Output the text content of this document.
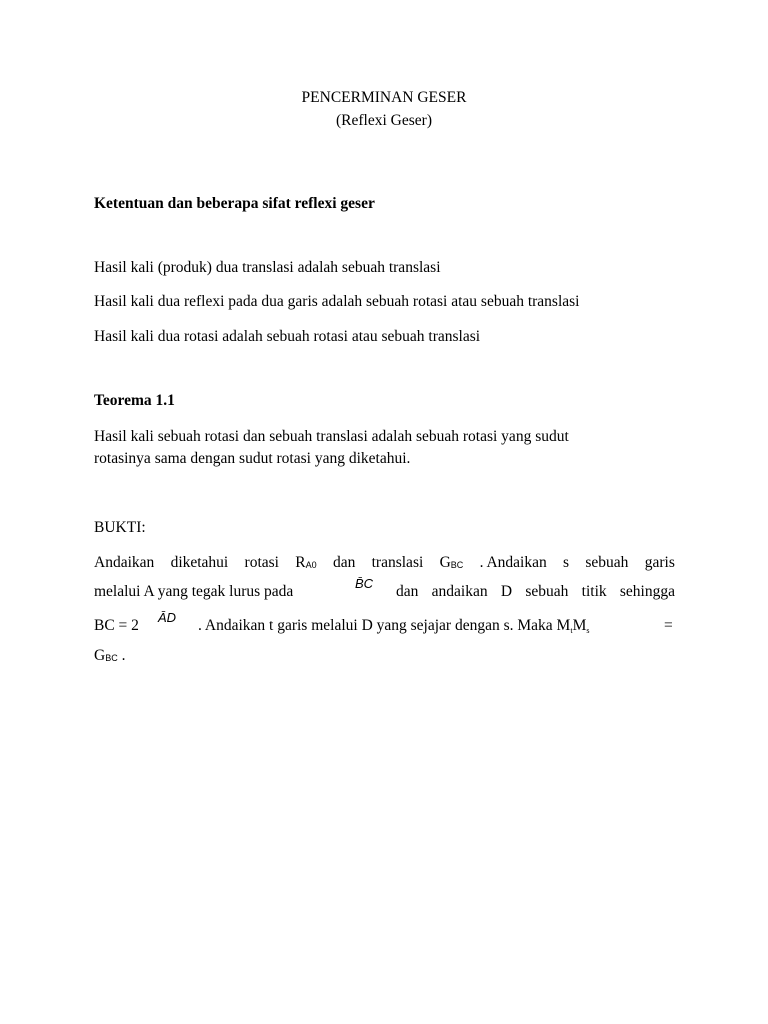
PENCERMINAN GESER
(Reflexi Geser)
Ketentuan dan beberapa sifat reflexi geser
Hasil kali (produk) dua translasi adalah sebuah translasi
Hasil kali dua reflexi pada dua garis adalah sebuah rotasi atau sebuah translasi
Hasil kali dua rotasi adalah sebuah rotasi atau sebuah translasi
Teorema 1.1
Hasil kali sebuah rotasi dan sebuah translasi adalah sebuah rotasi yang sudut
rotasinya sama dengan sudut rotasi yang diketahui.
BUKTI:
Andaikan diketahui rotasi RA0 dan translasi GBC . Andaikan s sebuah garis
melalui A yang tegak lurus pada	B̄C dan andaikan D sebuah titik sehingga
BC = 2 ĀD . Andaikan t garis melalui D yang sejajar dengan s. Maka MtMs	=
GBC .
